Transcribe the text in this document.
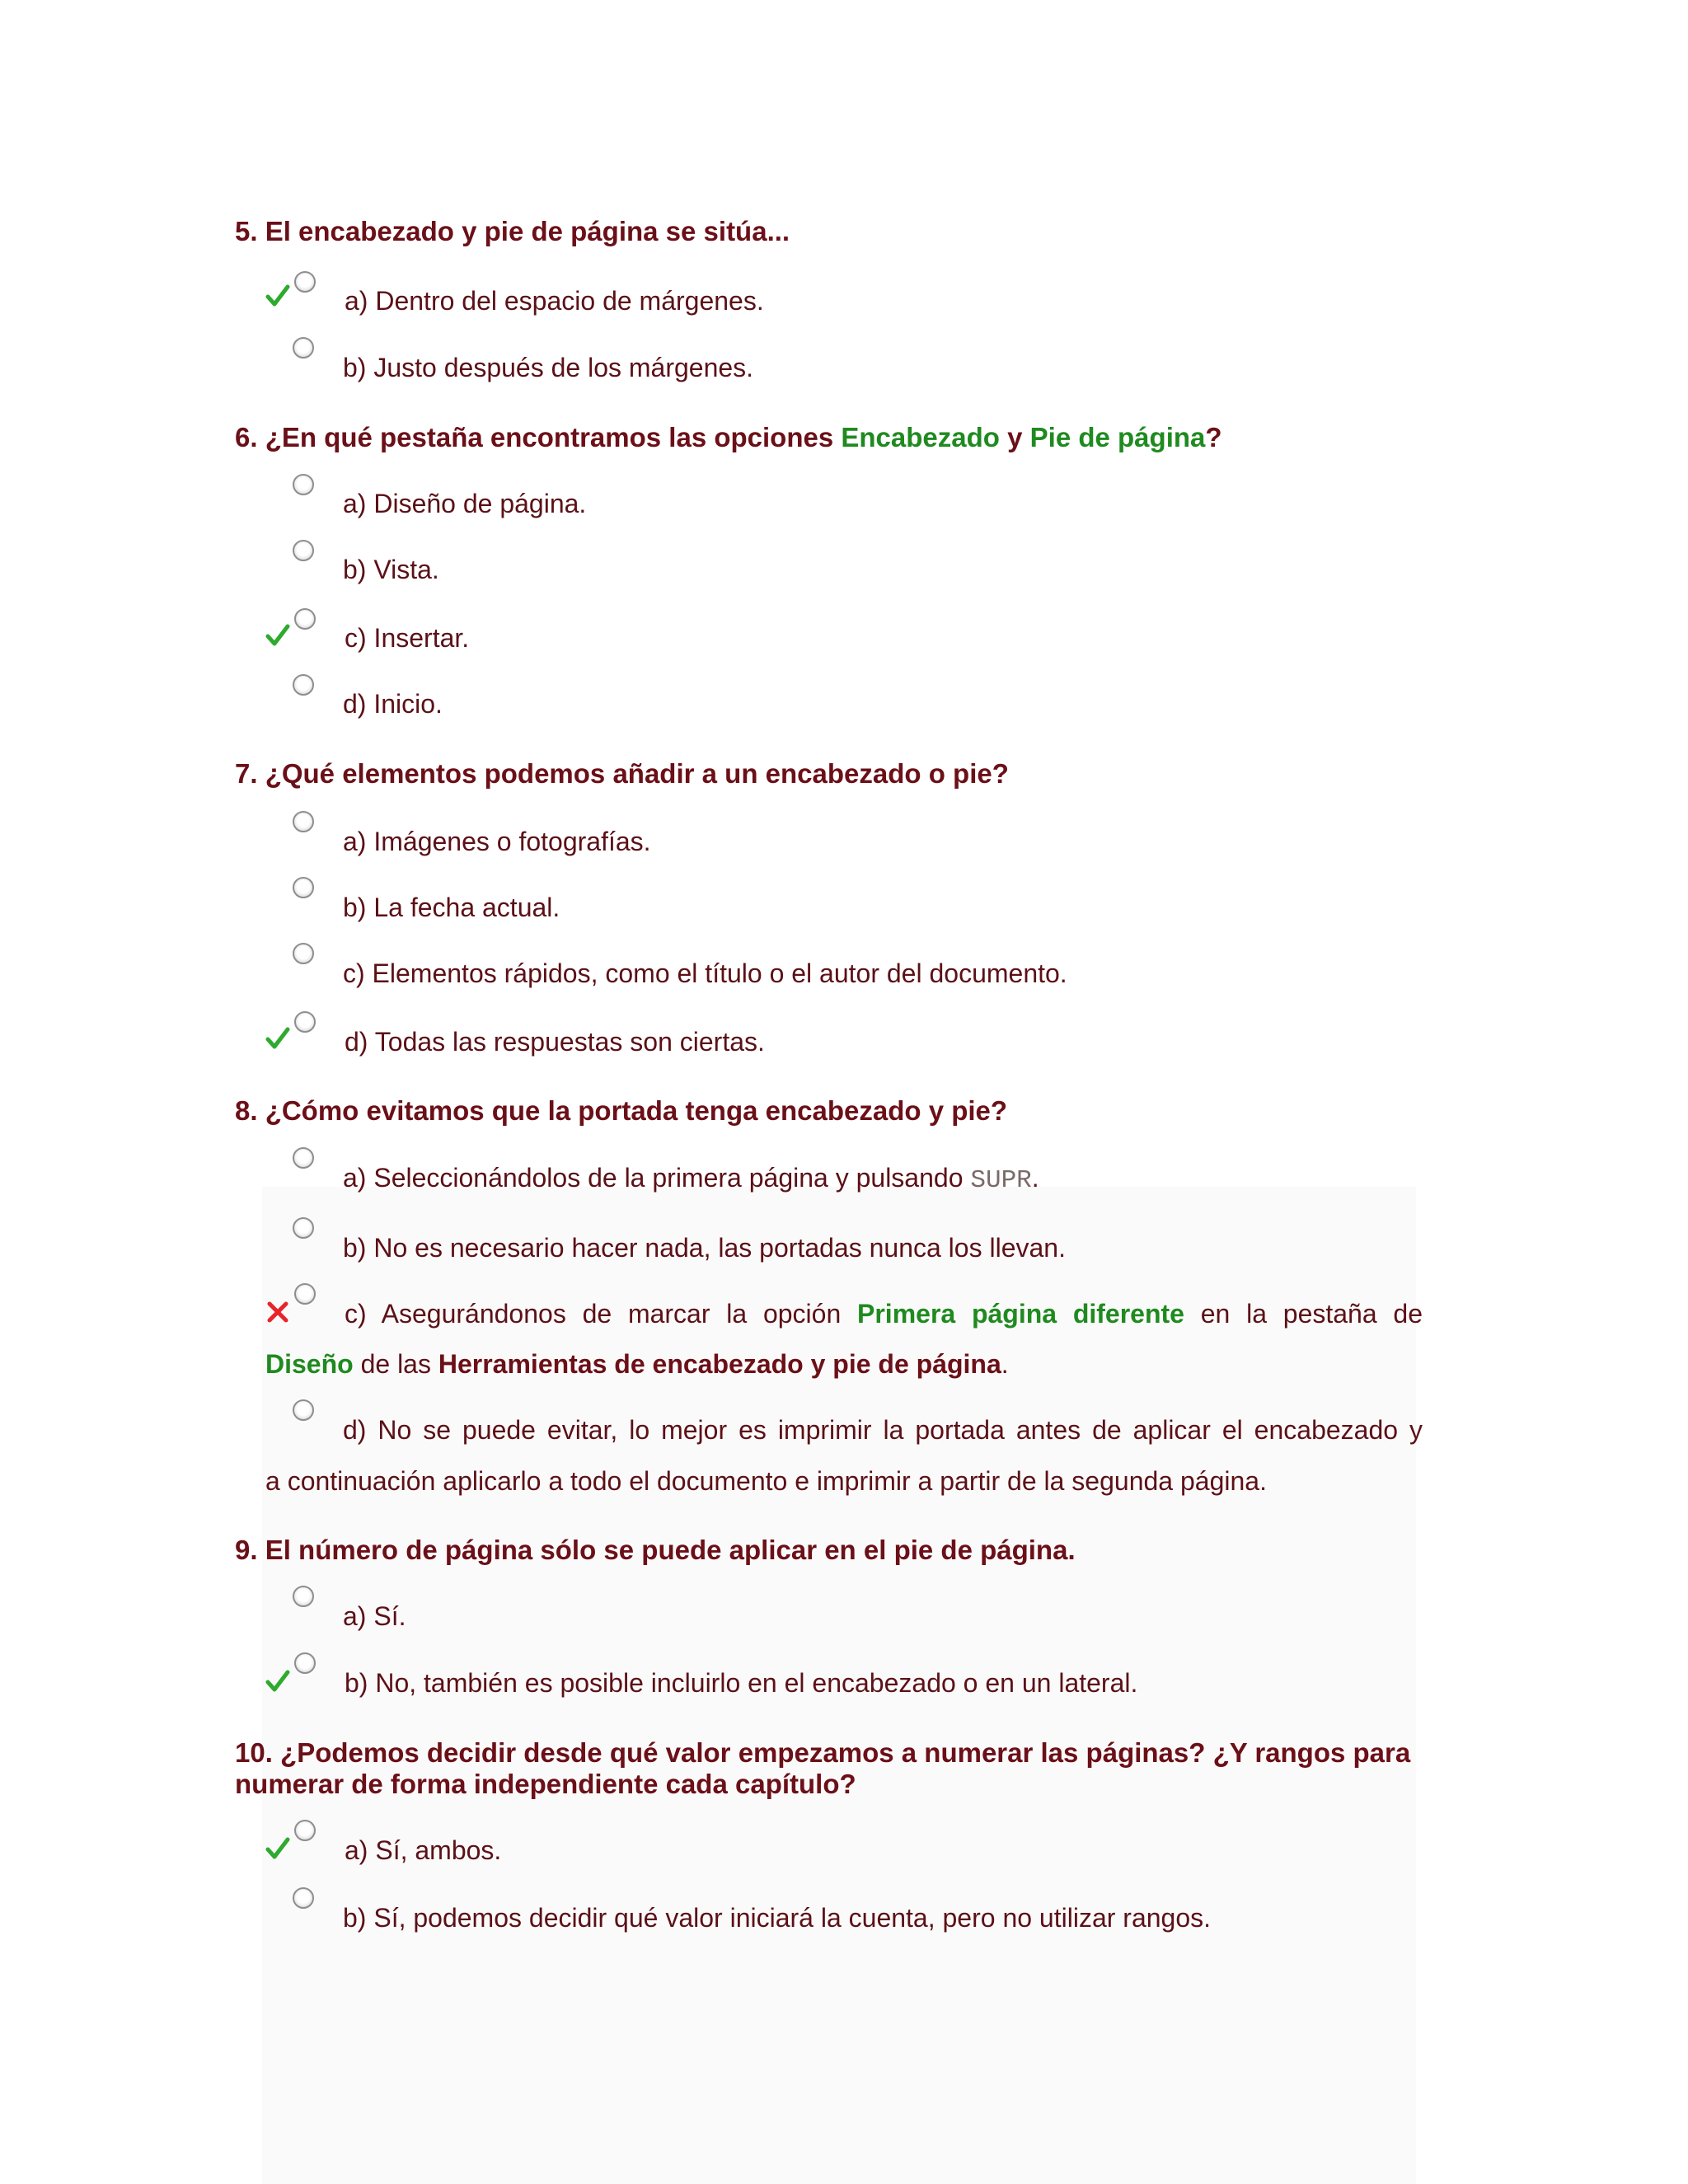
5. El encabezado y pie de página se sitúa...

a) Dentro del espacio de márgenes.

b) Justo después de los márgenes.

6. ¿En qué pestaña encontramos las opciones Encabezado y Pie de página?

a) Diseño de página.

b) Vista.

c) Insertar.

d) Inicio.

7. ¿Qué elementos podemos añadir a un encabezado o pie?

a) Imágenes o fotografías.

b) La fecha actual.

c) Elementos rápidos, como el título o el autor del documento.

d) Todas las respuestas son ciertas.

8. ¿Cómo evitamos que la portada tenga encabezado y pie?

a) Seleccionándolos de la primera página y pulsando SUPR.

b) No es necesario hacer nada, las portadas nunca los llevan.

c) Asegurándonos de marcar la opción Primera página diferente en la pestaña de

Diseño de las Herramientas de encabezado y pie de página.

d) No se puede evitar, lo mejor es imprimir la portada antes de aplicar el encabezado y

a continuación aplicarlo a todo el documento e imprimir a partir de la segunda página.

9. El número de página sólo se puede aplicar en el pie de página.

a) Sí.

b) No, también es posible incluirlo en el encabezado o en un lateral.

10. ¿Podemos decidir desde qué valor empezamos a numerar las páginas? ¿Y rangos para numerar de forma independiente cada capítulo?

a) Sí, ambos.

b) Sí, podemos decidir qué valor iniciará la cuenta, pero no utilizar rangos.
